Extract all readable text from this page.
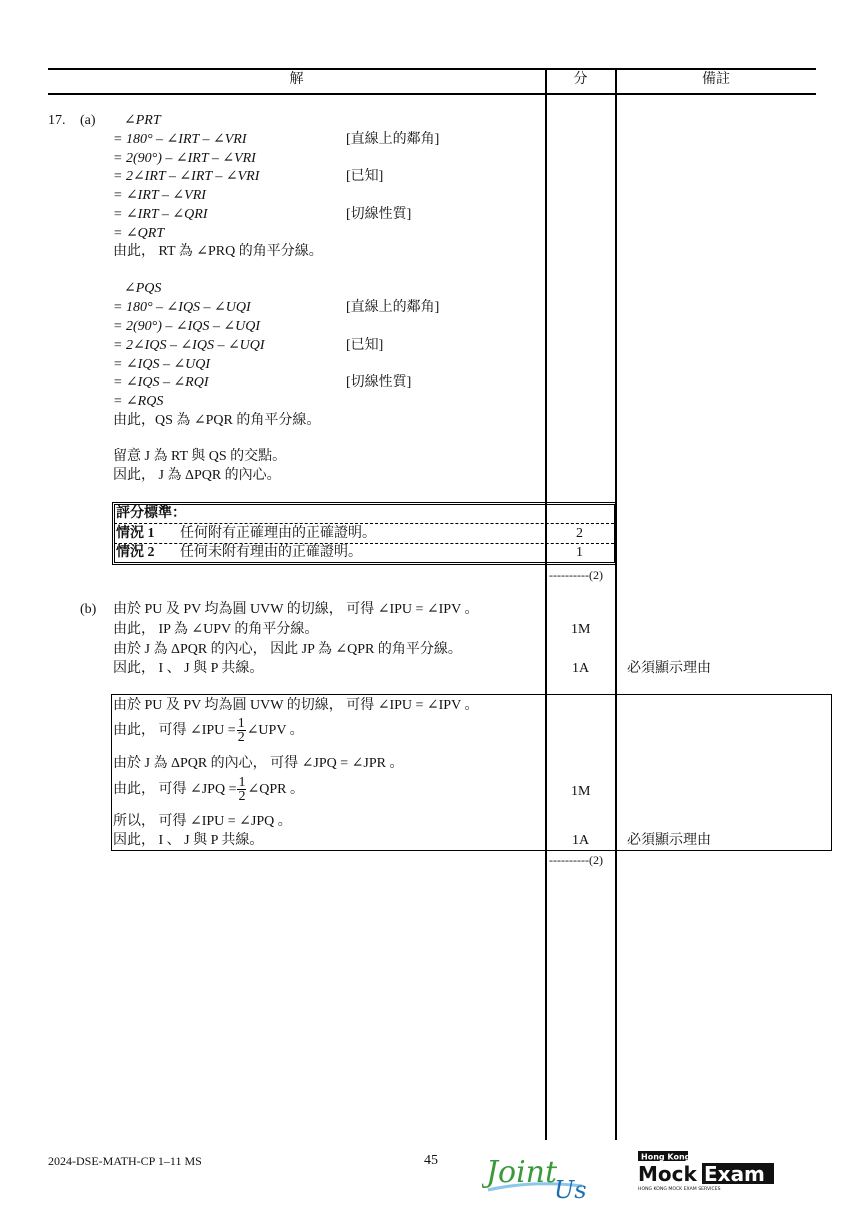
解	分	備註
17. (a) ∠PRT
= 180° – ∠IRT – ∠VRI	[直線上的鄰角]
= 2(90°) – ∠IRT – ∠VRI
= 2∠IRT – ∠IRT – ∠VRI	[已知]
= ∠IRT – ∠VRI
= ∠IRT – ∠QRI	[切線性質]
= ∠QRT
由此， RT 為 ∠PRQ 的角平分線。
∠PQS
= 180° – ∠IQS – ∠UQI	[直線上的鄰角]
= 2(90°) – ∠IQS – ∠UQI
= 2∠IQS – ∠IQS – ∠UQI	[已知]
= ∠IQS – ∠UQI
= ∠IQS – ∠RQI	[切線性質]
= ∠RQS
由此，QS 為 ∠PQR 的角平分線。
留意 J 為 RT 與 QS 的交點。
因此， J 為 ΔPQR 的內心。
評分標準：
情況 1 任何附有正確理由的正確證明。	2
情況 2 任何未附有理由的正確證明。	1
----------(2)
(b) 由於 PU 及 PV 均為圓 UVW 的切線， 可得 ∠IPU = ∠IPV 。
由此， IP 為 ∠UPV 的角平分線。	1M
由於 J 為 ΔPQR 的內心， 因此 JP 為 ∠QPR 的角平分線。
因此， I 、 J 與 P 共線。	1A	必須顯示理由
由於 PU 及 PV 均為圓 UVW 的切線， 可得 ∠IPU = ∠IPV 。
由此， 可得 ∠IPU = $\frac{1}{2}$ ∠UPV 。
由於 J 為 ΔPQR 的內心， 可得 ∠JPQ = ∠JPR 。
由此， 可得 ∠JPQ = $\frac{1}{2}$ ∠QPR 。	1M
所以， 可得 ∠IPU = ∠JPQ 。
因此， I 、 J 與 P 共線。	1A	必須顯示理由
----------(2)
2024-DSE-MATH-CP 1–11 MS	45 Joint
Us
Hong Kong
Mock Exam
HONG KONG MOCK EXAM SERVICES
